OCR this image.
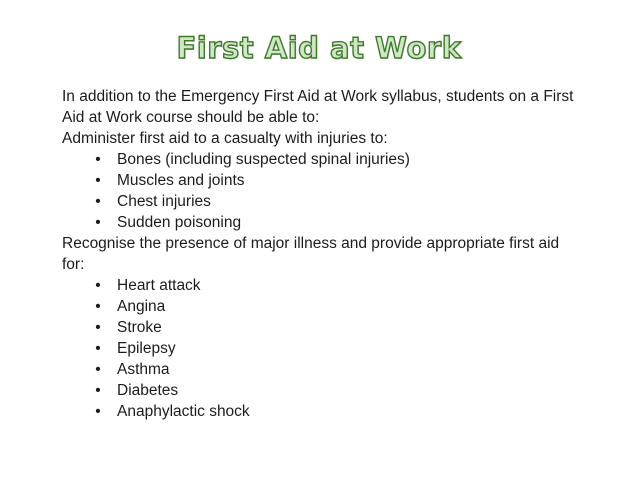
First Aid at Work

In addition to the Emergency First Aid at Work syllabus, students on a First Aid at Work course should be able to:

Administer first aid to a casualty with injuries to:

• Bones (including suspected spinal injuries)
• Muscles and joints
• Chest injuries
• Sudden poisoning

Recognise the presence of major illness and provide appropriate first aid for:

• Heart attack
• Angina
• Stroke
• Epilepsy
• Asthma
• Diabetes
• Anaphylactic shock
